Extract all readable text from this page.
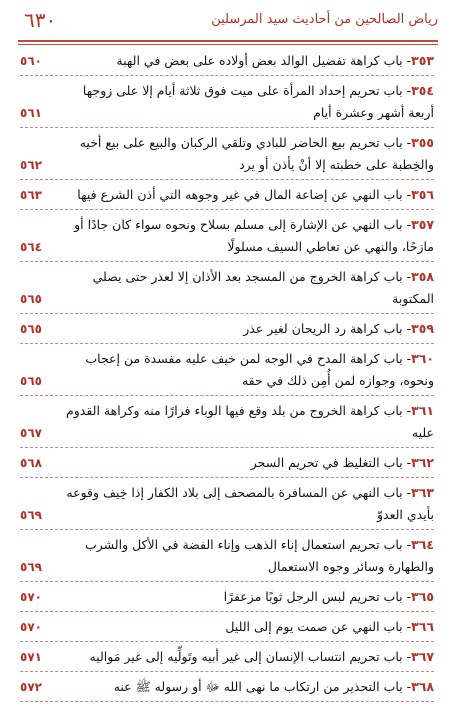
رياض الصالحين من أحاديث سيد المرسلين
٦٣٠
٣٥٣- باب كراهة تفضيل الوالد بعض أولاده على بعض في الهبة
٥٦٠
٣٥٤- باب تحريم إحداد المرأة على ميت فوق ثلاثة أيام إلا على زوجها أربعة أشهر وعشرة أيام
٥٦١
٣٥٥- باب تحريم بيع الحاضر للبادي وتلقي الركبان والبيع على بيع أخيه والخِطبة على خطبته إلا أنْ يأذن أو يرد
٥٦٢
٣٥٦- باب النهي عن إضاعة المال في غير وجوهه التي أذن الشرع فيها
٥٦٣
٣٥٧- باب النهي عن الإشارة إلى مسلم بسلاح ونحوه سواء كان جادًا أو مازحًا، والنهي عن تعاطي السيف مسلولًا
٥٦٤
٣٥٨- باب كراهة الخروج من المسجد بعد الأذان إلا لعذر حتى يصلي المكتوبة
٥٦٥
٣٥٩- باب كراهة رد الريحان لغير عذر
٥٦٥
٣٦٠- باب كراهة المدح في الوجه لمن خيف عليه مفسدة من إعجاب ونحوه، وجوازه لمن أُمِن ذلك في حقه
٥٦٥
٣٦١- باب كراهة الخروج من بلد وقع فيها الوباء فرارًا منه وكراهة القدوم عليه
٥٦٧
٣٦٢- باب التغليظ في تحريم السحر
٥٦٨
٣٦٣- باب النهي عن المسافرة بالمصحف إلى بلاد الكفار إذا خِيف وقوعه بأيدي العدوّ
٥٦٩
٣٦٤- باب تحريم استعمال إناء الذهب وإناء الفضة في الأكل والشرب والطهارة وسائر وجوه الاستعمال
٥٦٩
٣٦٥- باب تحريم لبس الرجل ثوبًا مزعفرًا
٥٧٠
٣٦٦- باب النهي عن صمت يوم إلى الليل
٥٧٠
٣٦٧- باب تحريم انتساب الإنسان إلى غير أبيه وتَولِّيه إلى غير مَواليه
٥٧١
٣٦٨- باب التحذير من ارتكاب ما نهى الله ﷻ أو رسوله ﷺ عنه
٥٧٢
